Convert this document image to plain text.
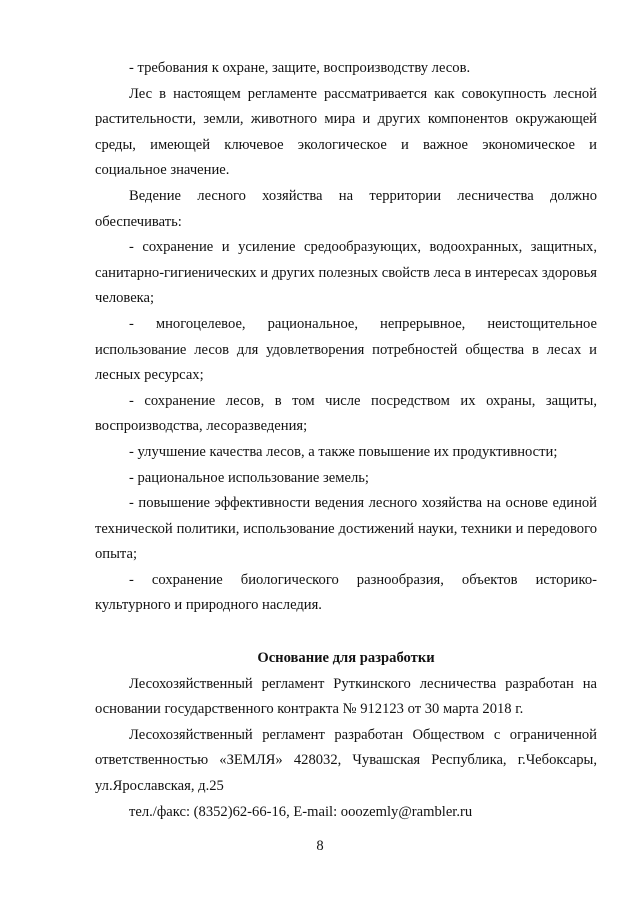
- требования к охране, защите, воспроизводству лесов.

Лес в настоящем регламенте рассматривается как совокупность лесной растительности, земли, животного мира и других компонентов окружающей среды, имеющей ключевое экологическое и важное экономическое и социальное значение.

Ведение лесного хозяйства на территории лесничества должно обеспечивать:

- сохранение и усиление средообразующих, водоохранных, защитных, санитарно-гигиенических и других полезных свойств леса в интересах здоровья человека;

- многоцелевое, рациональное, непрерывное, неистощительное использование лесов для удовлетворения потребностей общества в лесах и лесных ресурсах;

- сохранение лесов, в том числе посредством их охраны, защиты, воспроизводства, лесоразведения;

- улучшение качества лесов, а также повышение их продуктивности;

- рациональное использование земель;

- повышение эффективности ведения лесного хозяйства на основе единой технической политики, использование достижений науки, техники и передового опыта;

- сохранение биологического разнообразия, объектов историко-культурного и природного наследия.

Основание для разработки

Лесохозяйственный регламент Руткинского лесничества разработан на основании государственного контракта № 912123 от 30 марта 2018 г.

Лесохозяйственный регламент разработан Обществом с ограниченной ответственностью «ЗЕМЛЯ» 428032, Чувашская Республика, г.Чебоксары, ул.Ярославская, д.25

тел./факс: (8352)62-66-16, E-mail: ooozemly@rambler.ru

8
